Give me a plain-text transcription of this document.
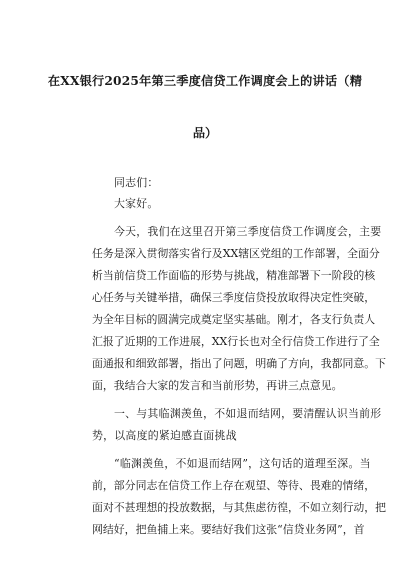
在XX银行2025年第三季度信贷工作调度会上的讲话（精
品）
同志们：
大家好。
今天，我们在这里召开第三季度信贷工作调度会，主要
任务是深入贯彻落实省行及XX辖区党组的工作部署，全面分
析当前信贷工作面临的形势与挑战，精准部署下一阶段的核
心任务与关键举措，确保三季度信贷投放取得决定性突破，
为全年目标的圆满完成奠定坚实基础。刚才，各支行负责人
汇报了近期的工作进展，XX行长也对全行信贷工作进行了全
面通报和细致部署，指出了问题，明确了方向，我都同意。下
面，我结合大家的发言和当前形势，再讲三点意见。
一、与其临渊羡鱼，不如退而结网，要清醒认识当前形
势，以高度的紧迫感直面挑战
“临渊羡鱼，不如退而结网”，这句话的道理至深。当
前，部分同志在信贷工作上存在观望、等待、畏难的情绪，
面对不甚理想的投放数据，与其焦虑彷徨，不如立刻行动，把
网结好，把鱼捕上来。要结好我们这张“信贷业务网”，首
